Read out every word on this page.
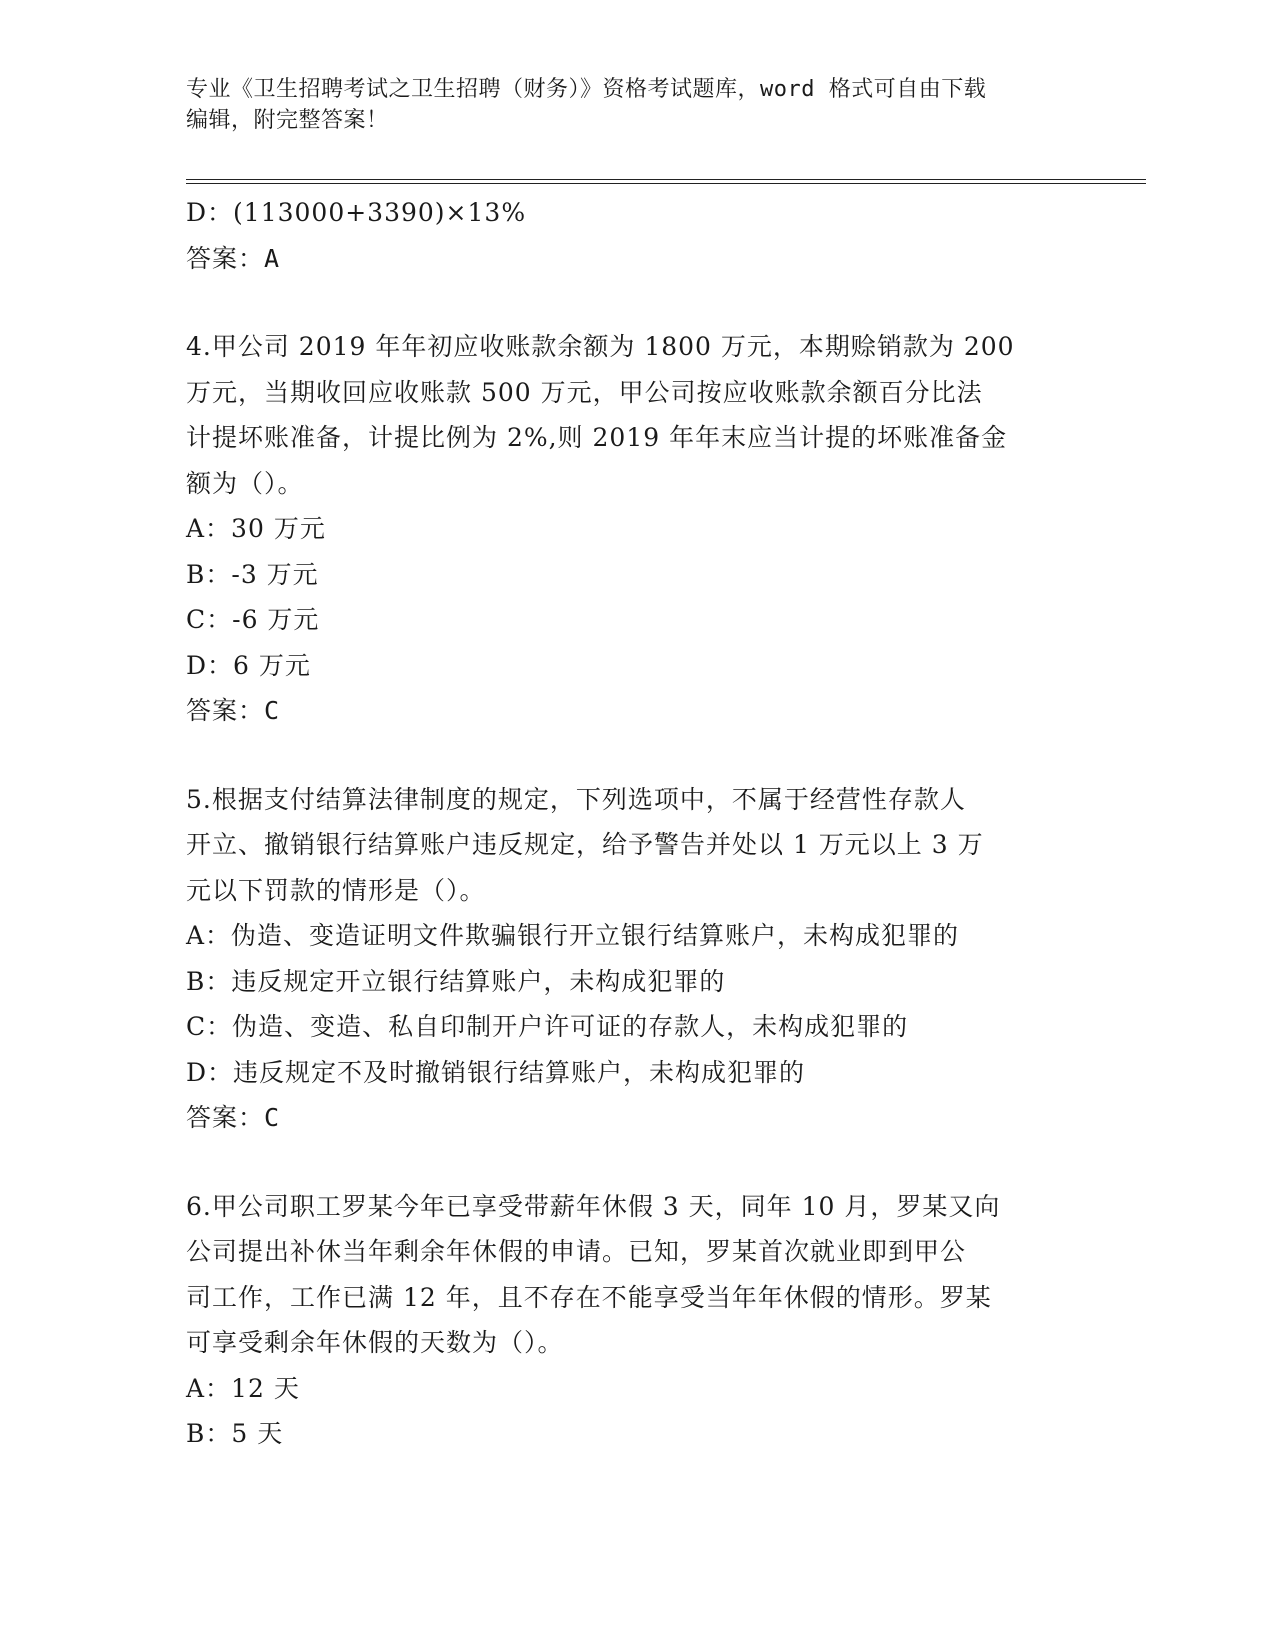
专业《卫生招聘考试之卫生招聘（财务）》资格考试题库，word 格式可自由下载
编辑，附完整答案！
D：(113000+3390)×13%
答案：A
4.甲公司 2019 年年初应收账款余额为 1800 万元，本期赊销款为 200
万元，当期收回应收账款 500 万元，甲公司按应收账款余额百分比法
计提坏账准备，计提比例为 2%,则 2019 年年末应当计提的坏账准备金
额为（）。
A：30 万元
B：-3 万元
C：-6 万元
D：6 万元
答案：C
5.根据支付结算法律制度的规定，下列选项中，不属于经营性存款人
开立、撤销银行结算账户违反规定，给予警告并处以 1 万元以上 3 万
元以下罚款的情形是（）。
A：伪造、变造证明文件欺骗银行开立银行结算账户，未构成犯罪的
B：违反规定开立银行结算账户，未构成犯罪的
C：伪造、变造、私自印制开户许可证的存款人，未构成犯罪的
D：违反规定不及时撤销银行结算账户，未构成犯罪的
答案：C
6.甲公司职工罗某今年已享受带薪年休假 3 天，同年 10 月，罗某又向
公司提出补休当年剩余年休假的申请。已知，罗某首次就业即到甲公
司工作，工作已满 12 年，且不存在不能享受当年年休假的情形。罗某
可享受剩余年休假的天数为（）。
A：12 天
B：5 天
